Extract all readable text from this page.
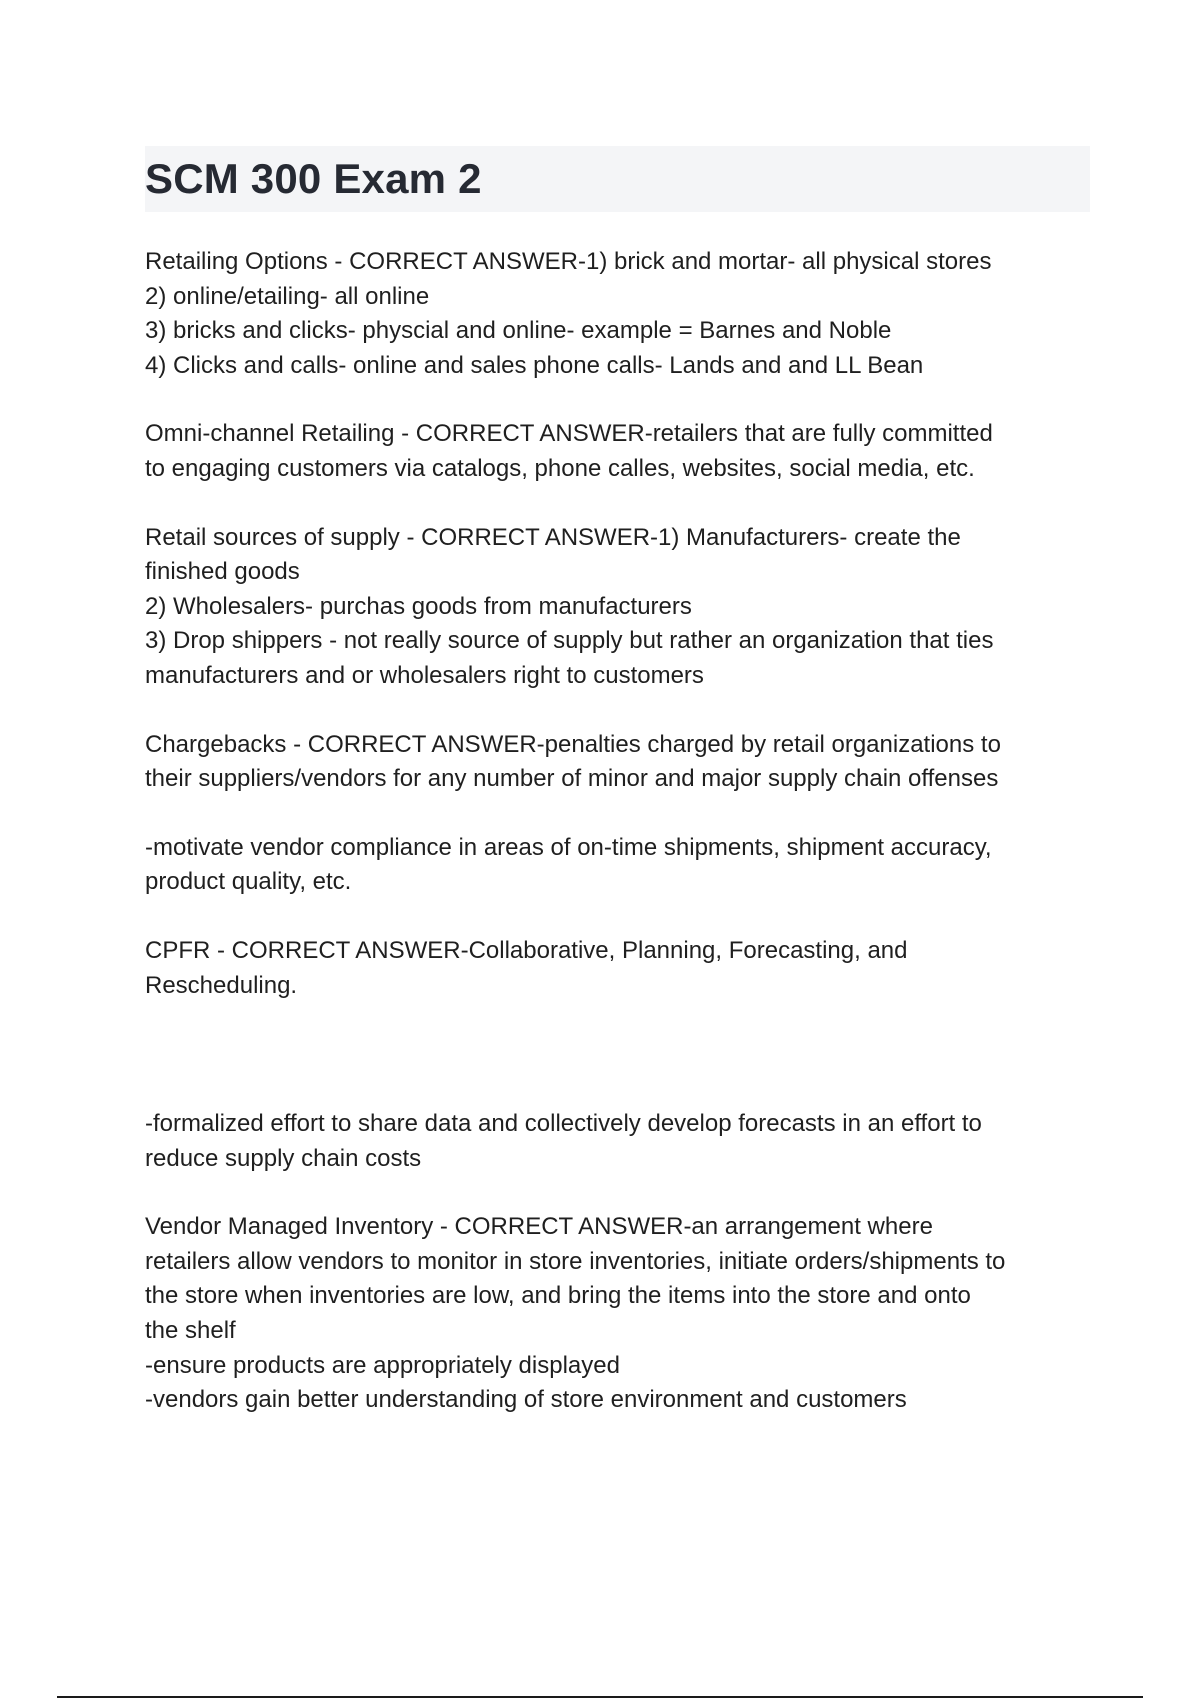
SCM 300 Exam 2

Retailing Options - CORRECT ANSWER-1) brick and mortar- all physical stores
2) online/etailing- all online
3) bricks and clicks- physcial and online- example = Barnes and Noble
4) Clicks and calls- online and sales phone calls- Lands and and LL Bean

Omni-channel Retailing - CORRECT ANSWER-retailers that are fully committed
to engaging customers via catalogs, phone calles, websites, social media, etc.

Retail sources of supply - CORRECT ANSWER-1) Manufacturers- create the
finished goods
2) Wholesalers- purchas goods from manufacturers
3) Drop shippers - not really source of supply but rather an organization that ties
manufacturers and or wholesalers right to customers

Chargebacks - CORRECT ANSWER-penalties charged by retail organizations to
their suppliers/vendors for any number of minor and major supply chain offenses

-motivate vendor compliance in areas of on-time shipments, shipment accuracy,
product quality, etc.

CPFR - CORRECT ANSWER-Collaborative, Planning, Forecasting, and
Rescheduling.

-formalized effort to share data and collectively develop forecasts in an effort to
reduce supply chain costs

Vendor Managed Inventory - CORRECT ANSWER-an arrangement where
retailers allow vendors to monitor in store inventories, initiate orders/shipments to
the store when inventories are low, and bring the items into the store and onto
the shelf
-ensure products are appropriately displayed
-vendors gain better understanding of store environment and customers
